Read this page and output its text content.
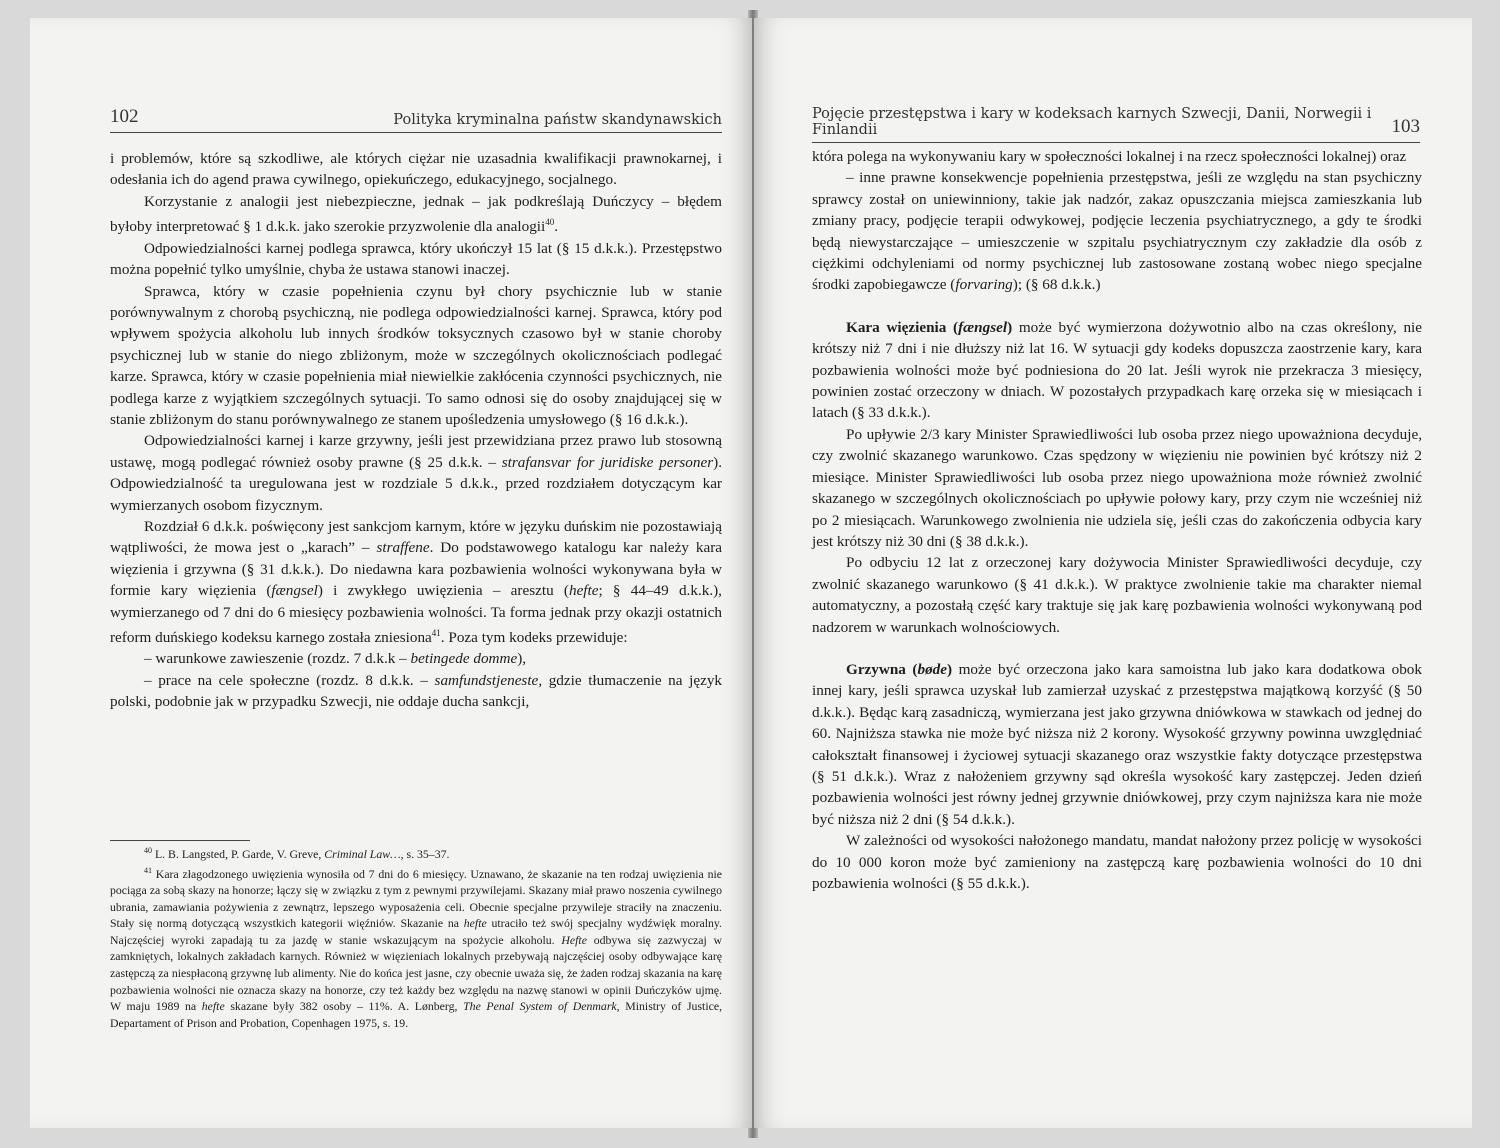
102	Polityka kryminalna państw skandynawskich

i problemów, które są szkodliwe, ale których ciężar nie uzasadnia kwalifikacji prawnokarnej, i odesłania ich do agend prawa cywilnego, opiekuńczego, edukacyjnego, socjalnego.

Korzystanie z analogii jest niebezpieczne, jednak – jak podkreślają Duńczycy – błędem byłoby interpretować § 1 d.k.k. jako szerokie przyzwolenie dla analogii$^{40}$.

Odpowiedzialności karnej podlega sprawca, który ukończył 15 lat (§ 15 d.k.k.). Przestępstwo można popełnić tylko umyślnie, chyba że ustawa stanowi inaczej.

Sprawca, który w czasie popełnienia czynu był chory psychicznie lub w stanie porównywalnym z chorobą psychiczną, nie podlega odpowiedzialności karnej. Sprawca, który pod wpływem spożycia alkoholu lub innych środków toksycznych czasowo był w stanie choroby psychicznej lub w stanie do niego zbliżonym, może w szczególnych okolicznościach podlegać karze. Sprawca, który w czasie popełnienia miał niewielkie zakłócenia czynności psychicznych, nie podlega karze z wyjątkiem szczególnych sytuacji. To samo odnosi się do osoby znajdującej się w stanie zbliżonym do stanu porównywalnego ze stanem upośledzenia umysłowego (§ 16 d.k.k.).

Odpowiedzialności karnej i karze grzywny, jeśli jest przewidziana przez prawo lub stosowną ustawę, mogą podlegać również osoby prawne (§ 25 d.k.k. – strafansvar for juridiske personer). Odpowiedzialność ta uregulowana jest w rozdziale 5 d.k.k., przed rozdziałem dotyczącym kar wymierzanych osobom fizycznym.

Rozdział 6 d.k.k. poświęcony jest sankcjom karnym, które w języku duńskim nie pozostawiają wątpliwości, że mowa jest o „karach” – straffene. Do podstawowego katalogu kar należy kara więzienia i grzywna (§ 31 d.k.k.). Do niedawna kara pozbawienia wolności wykonywana była w formie kary więzienia (fængsel) i zwykłego uwięzienia – aresztu (hefte; § 44–49 d.k.k.), wymierzanego od 7 dni do 6 miesięcy pozbawienia wolności. Ta forma jednak przy okazji ostatnich reform duńskiego kodeksu karnego została zniesiona$^{41}$. Poza tym kodeks przewiduje:

– warunkowe zawieszenie (rozdz. 7 d.k.k – betingede domme),

– prace na cele społeczne (rozdz. 8 d.k.k. – samfundstjeneste, gdzie tłumaczenie na język polski, podobnie jak w przypadku Szwecji, nie oddaje ducha sankcji,

$^{40}$ L. B. Langsted, P. Garde, V. Greve, Criminal Law…, s. 35–37.

$^{41}$ Kara złagodzonego uwięzienia wynosiła od 7 dni do 6 miesięcy. Uznawano, że skazanie na ten rodzaj uwięzienia nie pociąga za sobą skazy na honorze; łączy się w związku z tym z pewnymi przywilejami. Skazany miał prawo noszenia cywilnego ubrania, zamawiania pożywienia z zewnątrz, lepszego wyposażenia celi. Obecnie specjalne przywileje straciły na znaczeniu. Stały się normą dotyczącą wszystkich kategorii więźniów. Skazanie na hefte utraciło też swój specjalny wydźwięk moralny. Najczęściej wyroki zapadają tu za jazdę w stanie wskazującym na spożycie alkoholu. Hefte odbywa się zazwyczaj w zamkniętych, lokalnych zakładach karnych. Również w więzieniach lokalnych przebywają najczęściej osoby odbywające karę zastępczą za niespłaconą grzywnę lub alimenty. Nie do końca jest jasne, czy obecnie uważa się, że żaden rodzaj skazania na karę pozbawienia wolności nie oznacza skazy na honorze, czy też każdy bez względu na nazwę stanowi w opinii Duńczyków ujmę. W maju 1989 na hefte skazane były 382 osoby – 11%. A. Lønberg, The Penal System of Denmark, Ministry of Justice, Departament of Prison and Probation, Copenhagen 1975, s. 19.

Pojęcie przestępstwa i kary w kodeksach karnych Szwecji, Danii, Norwegii i Finlandii	103

która polega na wykonywaniu kary w społeczności lokalnej i na rzecz społeczności lokalnej) oraz

– inne prawne konsekwencje popełnienia przestępstwa, jeśli ze względu na stan psychiczny sprawcy został on uniewinniony, takie jak nadzór, zakaz opuszczania miejsca zamieszkania lub zmiany pracy, podjęcie terapii odwykowej, podjęcie leczenia psychiatrycznego, a gdy te środki będą niewystarczające – umieszczenie w szpitalu psychiatrycznym czy zakładzie dla osób z ciężkimi odchyleniami od normy psychicznej lub zastosowane zostaną wobec niego specjalne środki zapobiegawcze (forvaring); (§ 68 d.k.k.)

Kara więzienia (fængsel) może być wymierzona dożywotnio albo na czas określony, nie krótszy niż 7 dni i nie dłuższy niż lat 16. W sytuacji gdy kodeks dopuszcza zaostrzenie kary, kara pozbawienia wolności może być podniesiona do 20 lat. Jeśli wyrok nie przekracza 3 miesięcy, powinien zostać orzeczony w dniach. W pozostałych przypadkach karę orzeka się w miesiącach i latach (§ 33 d.k.k.).

Po upływie 2/3 kary Minister Sprawiedliwości lub osoba przez niego upoważniona decyduje, czy zwolnić skazanego warunkowo. Czas spędzony w więzieniu nie powinien być krótszy niż 2 miesiące. Minister Sprawiedliwości lub osoba przez niego upoważniona może również zwolnić skazanego w szczególnych okolicznościach po upływie połowy kary, przy czym nie wcześniej niż po 2 miesiącach. Warunkowego zwolnienia nie udziela się, jeśli czas do zakończenia odbycia kary jest krótszy niż 30 dni (§ 38 d.k.k.).

Po odbyciu 12 lat z orzeczonej kary dożywocia Minister Sprawiedliwości decyduje, czy zwolnić skazanego warunkowo (§ 41 d.k.k.). W praktyce zwolnienie takie ma charakter niemal automatyczny, a pozostałą część kary traktuje się jak karę pozbawienia wolności wykonywaną pod nadzorem w warunkach wolnościowych.

Grzywna (bøde) może być orzeczona jako kara samoistna lub jako kara dodatkowa obok innej kary, jeśli sprawca uzyskał lub zamierzał uzyskać z przestępstwa majątkową korzyść (§ 50 d.k.k.). Będąc karą zasadniczą, wymierzana jest jako grzywna dniówkowa w stawkach od jednej do 60. Najniższa stawka nie może być niższa niż 2 korony. Wysokość grzywny powinna uwzględniać całokształt finansowej i życiowej sytuacji skazanego oraz wszystkie fakty dotyczące przestępstwa (§ 51 d.k.k.). Wraz z nałożeniem grzywny sąd określa wysokość kary zastępczej. Jeden dzień pozbawienia wolności jest równy jednej grzywnie dniówkowej, przy czym najniższa kara nie może być niższa niż 2 dni (§ 54 d.k.k.).

W zależności od wysokości nałożonego mandatu, mandat nałożony przez policję w wysokości do 10 000 koron może być zamieniony na zastępczą karę pozbawienia wolności do 10 dni pozbawienia wolności (§ 55 d.k.k.).
